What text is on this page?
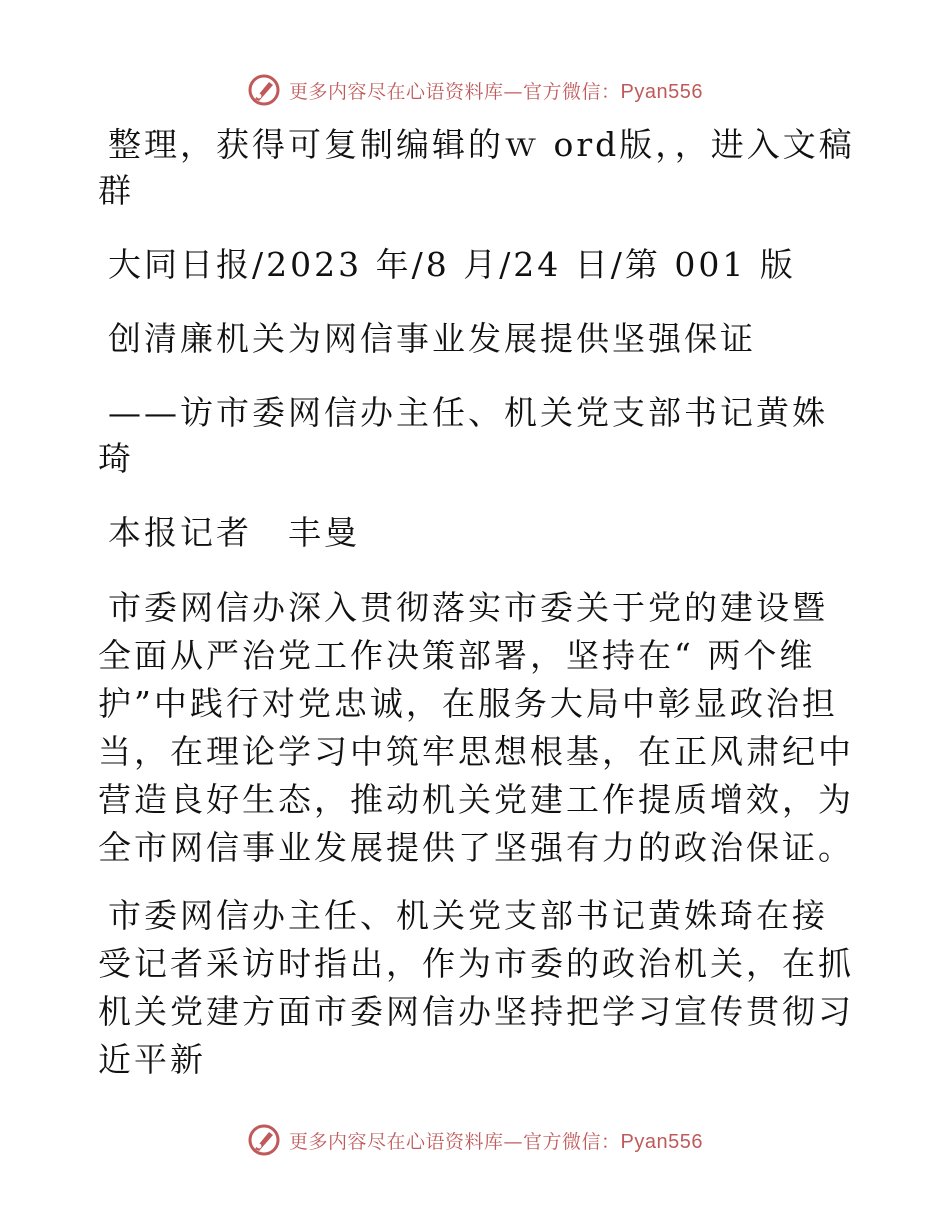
更多内容尽在心语资料库—官方微信：Pyan556

整理，获得可复制编辑的ｗ ord版，，进入文稿群

大同日报/2023 年/8 月/24 日/第 001 版

创清廉机关为网信事业发展提供坚强保证

——访市委网信办主任、机关党支部书记黄姝琦

本报记者　丰曼

市委网信办深入贯彻落实市委关于党的建设暨全面从严治党工作决策部署，坚持在“ 两个维护”中践行对党忠诚，在服务大局中彰显政治担当，在理论学习中筑牢思想根基，在正风肃纪中营造良好生态，推动机关党建工作提质增效，为全市网信事业发展提供了坚强有力的政治保证。

市委网信办主任、机关党支部书记黄姝琦在接受记者采访时指出，作为市委的政治机关，在抓机关党建方面市委网信办坚持把学习宣传贯彻习近平新

更多内容尽在心语资料库—官方微信：Pyan556
